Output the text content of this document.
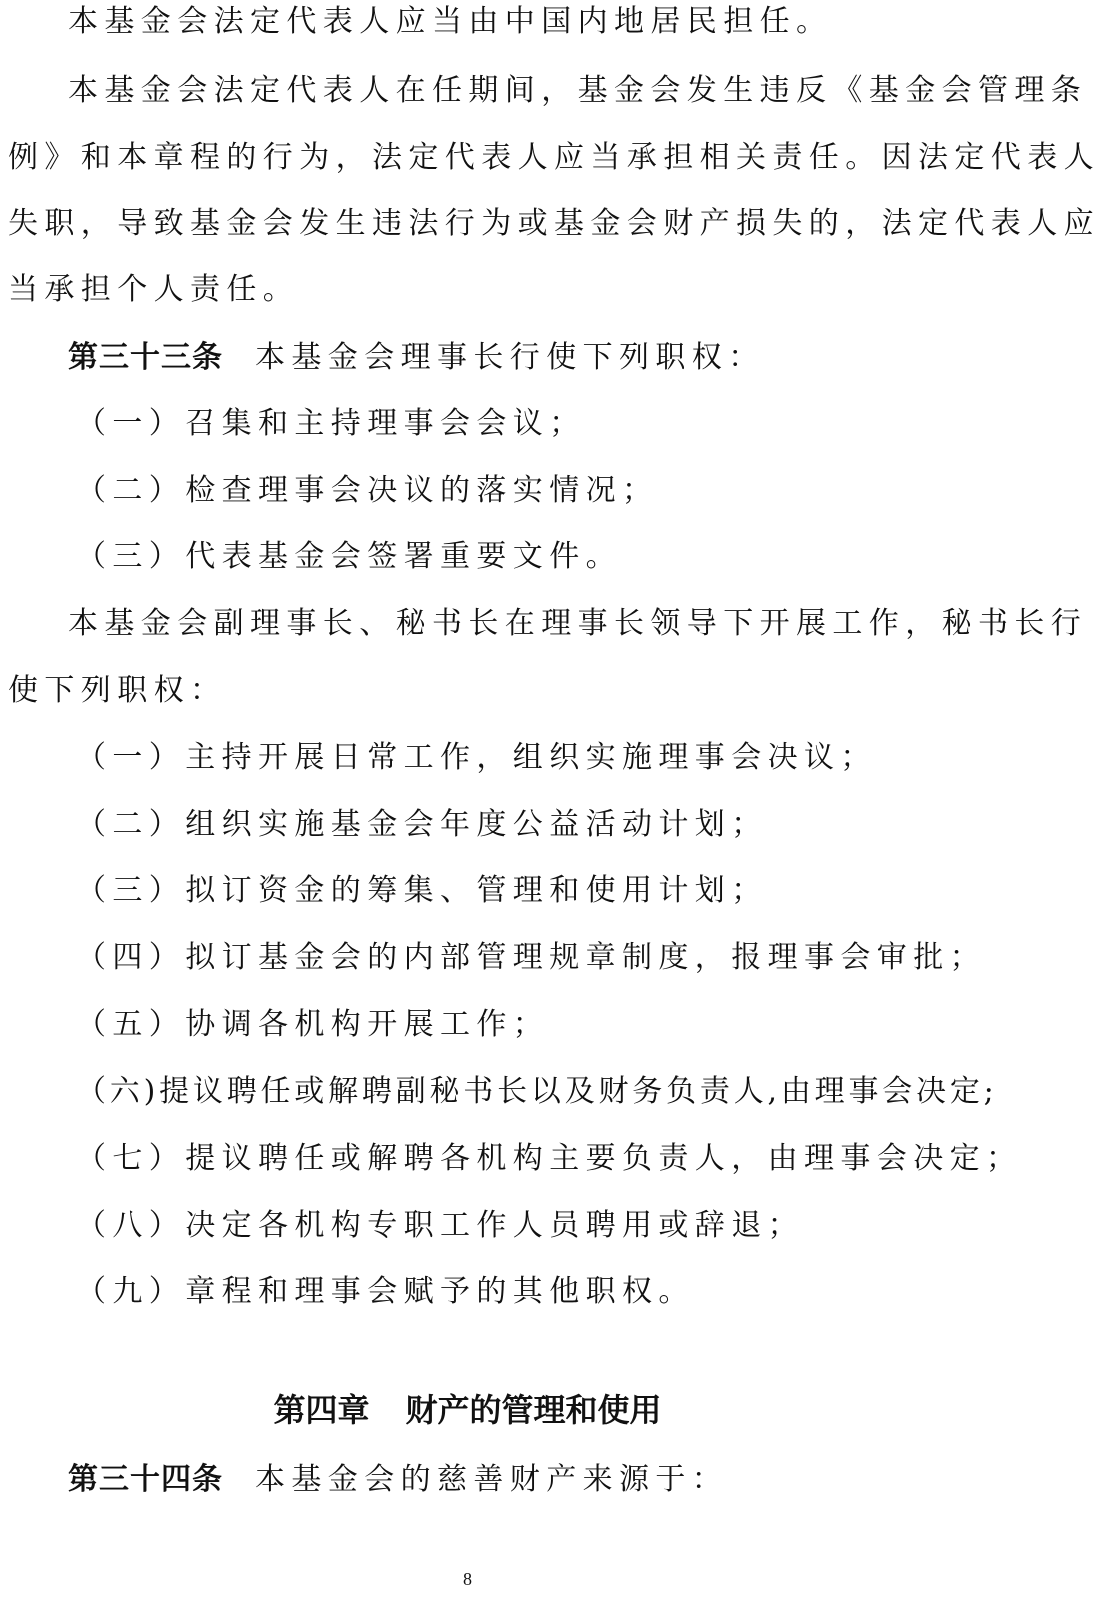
本基金会法定代表人应当由中国内地居民担任。
本基金会法定代表人在任期间，基金会发生违反《基金会管理条
例》和本章程的行为，法定代表人应当承担相关责任。因法定代表人
失职，导致基金会发生违法行为或基金会财产损失的，法定代表人应
当承担个人责任。
第三十三条 本基金会理事长行使下列职权：
（一）召集和主持理事会会议；
（二）检查理事会决议的落实情况；
（三）代表基金会签署重要文件。
本基金会副理事长、秘书长在理事长领导下开展工作，秘书长行
使下列职权：
（一）主持开展日常工作，组织实施理事会决议；
（二）组织实施基金会年度公益活动计划；
（三）拟订资金的筹集、管理和使用计划；
（四）拟订基金会的内部管理规章制度，报理事会审批；
（五）协调各机构开展工作；
（六)提议聘任或解聘副秘书长以及财务负责人,由理事会决定;
（七）提议聘任或解聘各机构主要负责人，由理事会决定；
（八）决定各机构专职工作人员聘用或辞退；
（九）章程和理事会赋予的其他职权。
第四章 财产的管理和使用
第三十四条 本基金会的慈善财产来源于：
8
